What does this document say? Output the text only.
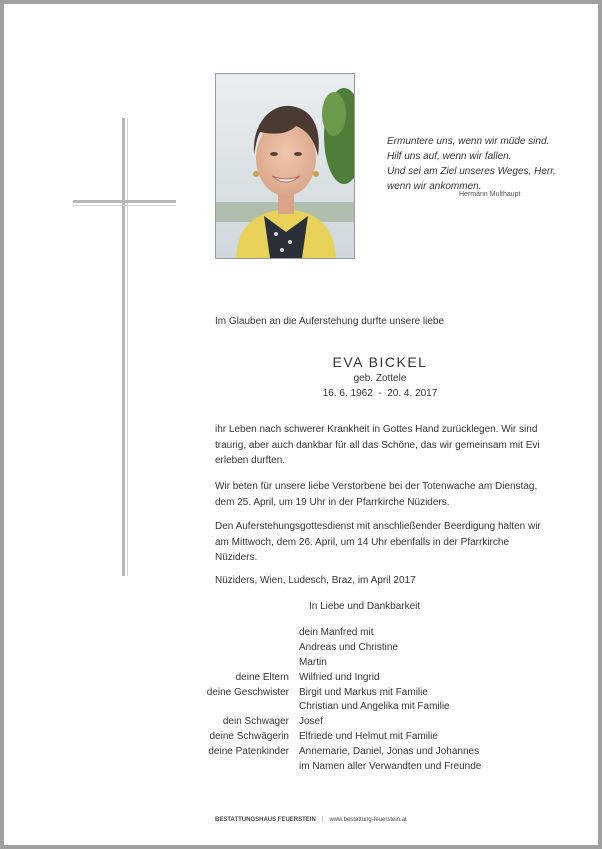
Ermuntere uns, wenn wir müde sind.
Hilf uns auf, wenn wir fallen.
Und sei am Ziel unseres Weges, Herr,
wenn wir ankommen.
Hermann Multhaupt
Im Glauben an die Auferstehung durfte unsere liebe
EVA BICKEL
geb. Zottele
16. 6. 1962  -  20. 4. 2017
ihr Leben nach schwerer Krankheit in Gottes Hand zurücklegen. Wir sind traurig, aber auch dankbar für all das Schöne, das wir gemeinsam mit Evi erleben durften.
Wir beten für unsere liebe Verstorbene bei der Totenwache am Dienstag, dem 25. April, um 19 Uhr in der Pfarrkirche Nüziders.
Den Auferstehungsgottesdienst mit anschließender Beerdigung halten wir am Mittwoch, dem 26. April, um 14 Uhr ebenfalls in der Pfarrkirche Nüziders.
Nüziders, Wien, Ludesch, Braz, im April 2017
In Liebe und Dankbarkeit
dein Manfred mit
Andreas und Christine
Martin
deine Eltern	Wilfried und Ingrid
deine Geschwister	Birgit und Markus mit Familie
Christian und Angelika mit Familie
dein Schwager	Josef
deine Schwägerin	Elfriede und Helmut mit Familie
deine Patenkinder	Annemarie, Daniel, Jonas und Johannes
im Namen aller Verwandten und Freunde
BESTATTUNGSHAUS FEUERSTEIN | www.bestattung-feuerstein.at
